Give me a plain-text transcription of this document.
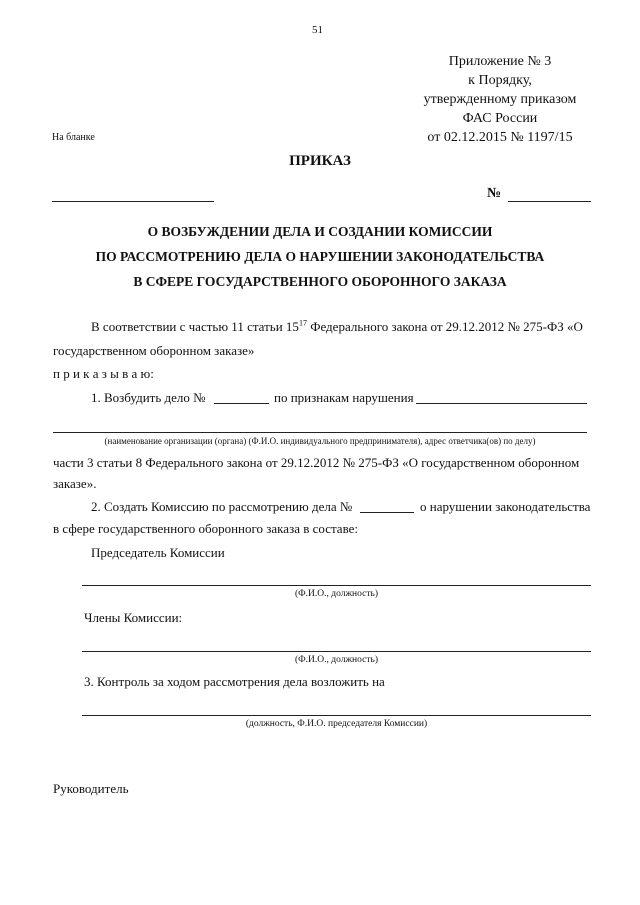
51
Приложение № 3
к Порядку,
утвержденному приказом
ФАС России
от 02.12.2015 № 1197/15
На бланке
ПРИКАЗ
№
О ВОЗБУЖДЕНИИ ДЕЛА И СОЗДАНИИ КОМИССИИ
ПО РАССМОТРЕНИЮ ДЕЛА О НАРУШЕНИИ ЗАКОНОДАТЕЛЬСТВА
В СФЕРЕ ГОСУДАРСТВЕННОГО ОБОРОННОГО ЗАКАЗА
В соответствии с частью 11 статьи $15^{17}$ Федерального закона от 29.12.2012 № 275-ФЗ «О
государственном оборонном заказе»
п р и к а з ы в а ю:
1. Возбудить дело №	по признакам нарушения
(наименование организации (органа) (Ф.И.О. индивидуального предпринимателя), адрес ответчика(ов) по делу)
части 3 статьи 8 Федерального закона от 29.12.2012 № 275-ФЗ «О государственном оборонном
заказе».
2. Создать Комиссию по рассмотрению дела №	о нарушении законодательства
в сфере государственного оборонного заказа в составе:
Председатель Комиссии
(Ф.И.О., должность)
Члены Комиссии:
(Ф.И.О., должность)
3. Контроль за ходом рассмотрения дела возложить на
(должность, Ф.И.О. председателя Комиссии)
Руководитель
